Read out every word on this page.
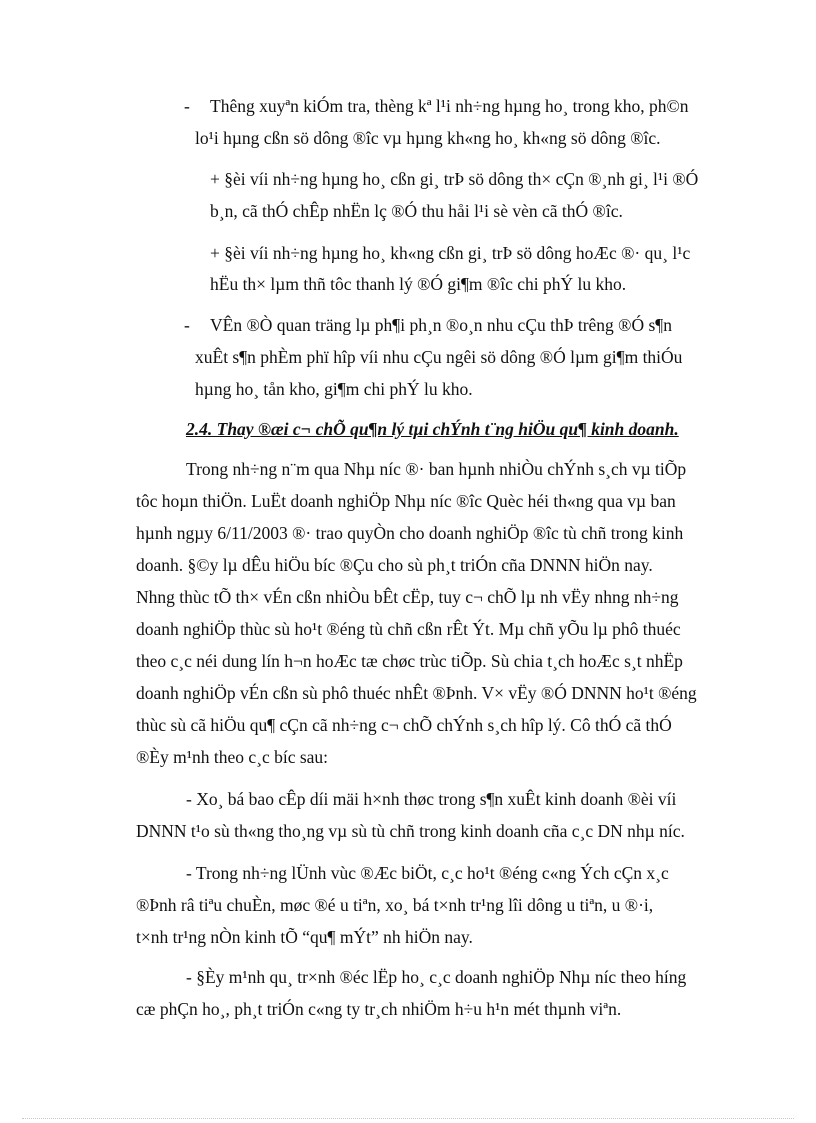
- Thêng xuyªn kiÓm tra, thèng kª l¹i nh÷ng hµng ho¸ trong kho, ph©n
lo¹i hµng cßn sö dông ®îc vµ hµng kh«ng ho¸ kh«ng sö dông ®îc.
+ §èi víi nh÷ng hµng ho¸ cßn gi¸ trÞ sö dông th× cÇn ®¸nh gi¸ l¹i ®Ó
b¸n, cã thÓ chÊp nhËn lç ®Ó thu håi l¹i sè vèn cã thÓ ®îc.
+ §èi víi nh÷ng hµng ho¸ kh«ng cßn gi¸ trÞ sö dông hoÆc ®· qu¸ l¹c
hËu th× lµm thñ tôc thanh lý ®Ó gi¶m ®îc chi phÝ lu kho.
- VÊn ®Ò quan träng lµ ph¶i ph¸n ®o¸n nhu cÇu thÞ trêng ®Ó s¶n
xuÊt s¶n phÈm phï hîp víi nhu cÇu ngêi sö dông ®Ó lµm gi¶m thiÓu
hµng ho¸ tån kho, gi¶m chi phÝ lu kho.
2.4. Thay ®æi c¬ chÕ qu¶n lý tµi chÝnh t¨ng hiÖu qu¶ kinh doanh.
Trong nh÷ng n¨m qua Nhµ níc ®· ban hµnh nhiÒu chÝnh s¸ch vµ tiÕp
tôc hoµn thiÖn. LuËt doanh nghiÖp Nhµ níc ®îc Quèc héi th«ng qua vµ ban
hµnh ngµy 6/11/2003 ®· trao quyÒn cho doanh nghiÖp ®îc tù chñ trong kinh
doanh. §©y lµ dÊu hiÖu bíc ®Çu cho sù ph¸t triÓn cña DNNN hiÖn nay.
Nhng thùc tÕ th× vÉn cßn nhiÒu bÊt cËp, tuy c¬ chÕ lµ nh vËy nhng nh÷ng
doanh nghiÖp thùc sù ho¹t ®éng tù chñ cßn rÊt Ýt. Mµ chñ yÕu lµ phô thuéc
theo c¸c néi dung lín h¬n hoÆc tæ chøc trùc tiÕp. Sù chia t¸ch hoÆc s¸t nhËp
doanh nghiÖp vÉn cßn sù phô thuéc nhÊt ®Þnh. V× vËy ®Ó DNNN ho¹t ®éng
thùc sù cã hiÖu qu¶ cÇn cã nh÷ng c¬ chÕ chÝnh s¸ch hîp lý. Cô thÓ cã thÓ
®Èy m¹nh theo c¸c bíc sau:
- Xo¸ bá bao cÊp díi mäi h×nh thøc trong s¶n xuÊt kinh doanh ®èi víi
DNNN t¹o sù th«ng tho¸ng vµ sù tù chñ trong kinh doanh cña c¸c DN nhµ níc.
- Trong nh÷ng lÜnh vùc ®Æc biÖt, c¸c ho¹t ®éng c«ng Ých cÇn x¸c
®Þnh râ tiªu chuÈn, møc ®é u tiªn, xo¸ bá t×nh tr¹ng lîi dông u tiªn, u ®·i,
t×nh tr¹ng nÒn kinh tÕ “qu¶ mÝt” nh hiÖn nay.
- §Èy m¹nh qu¸ tr×nh ®éc lËp ho¸ c¸c doanh nghiÖp Nhµ níc theo híng
cæ phÇn ho¸, ph¸t triÓn c«ng ty tr¸ch nhiÖm h÷u h¹n mét thµnh viªn.
